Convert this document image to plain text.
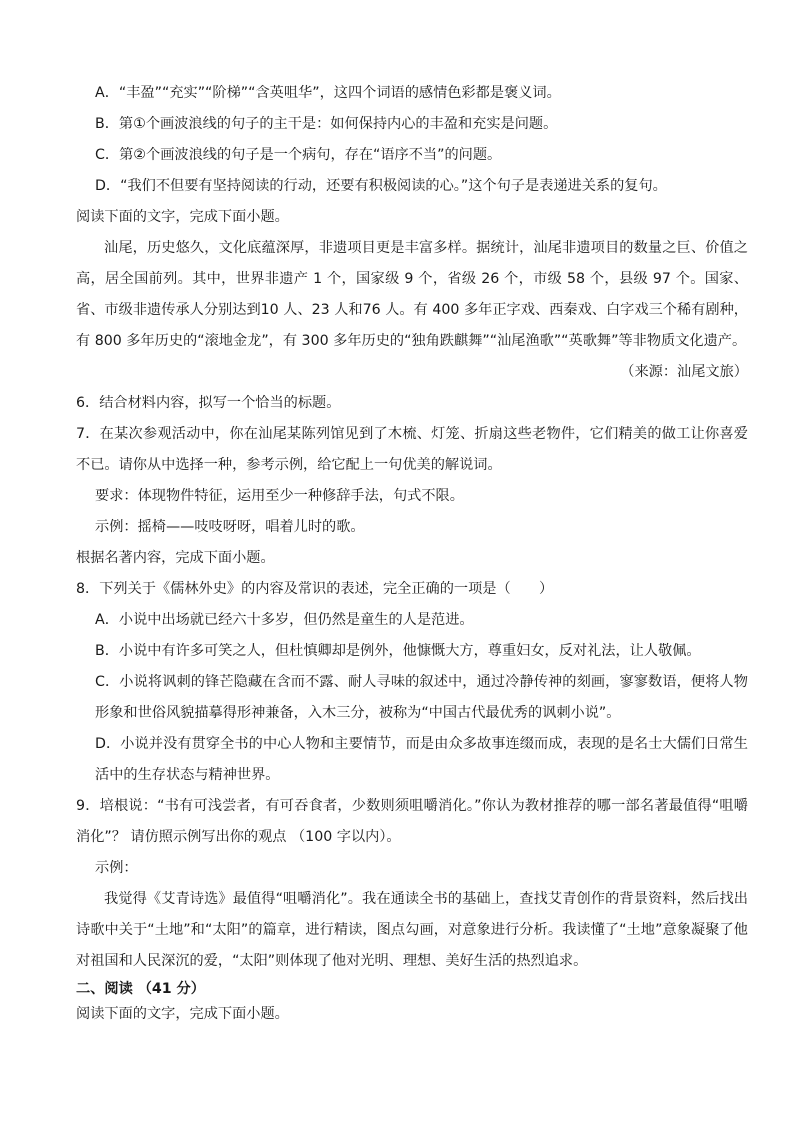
A．“丰盈”“充实”“阶梯”“含英咀华”，这四个词语的感情色彩都是褒义词。
B．第①个画波浪线的句子的主干是：如何保持内心的丰盈和充实是问题。
C．第②个画波浪线的句子是一个病句，存在“语序不当”的问题。
D．“我们不但要有坚持阅读的行动，还要有积极阅读的心。”这个句子是表递进关系的复句。
阅读下面的文字，完成下面小题。
汕尾，历史悠久，文化底蕴深厚，非遗项目更是丰富多样。据统计，汕尾非遗项目的数量之巨、价值之高，居全国前列。其中，世界非遗产 1 个，国家级 9 个，省级 26 个，市级 58 个，县级 97 个。国家、省、市级非遗传承人分别达到10 人、23 人和76 人。有 400 多年正字戏、西秦戏、白字戏三个稀有剧种，有 800 多年历史的“滚地金龙”，有 300 多年历史的“独角跌麒舞”“汕尾渔歌”“英歌舞”等非物质文化遗产。
（来源：汕尾文旅）
6．结合材料内容，拟写一个恰当的标题。
7．在某次参观活动中，你在汕尾某陈列馆见到了木梳、灯笼、折扇这些老物件，它们精美的做工让你喜爱不已。请你从中选择一种，参考示例，给它配上一句优美的解说词。
要求：体现物件特征，运用至少一种修辞手法，句式不限。
示例：摇椅——吱吱呀呀，唱着儿时的歌。
根据名著内容，完成下面小题。
8．下列关于《儒林外史》的内容及常识的表述，完全正确的一项是（　　）
A．小说中出场就已经六十多岁，但仍然是童生的人是范进。
B．小说中有许多可笑之人，但杜慎卿却是例外，他慷慨大方，尊重妇女，反对礼法，让人敬佩。
C．小说将讽刺的锋芒隐藏在含而不露、耐人寻味的叙述中，通过冷静传神的刻画，寥寥数语，便将人物形象和世俗风貌描摹得形神兼备，入木三分，被称为“中国古代最优秀的讽刺小说”。
D．小说并没有贯穿全书的中心人物和主要情节，而是由众多故事连缀而成，表现的是名士大儒们日常生活中的生存状态与精神世界。
9．培根说：“书有可浅尝者，有可吞食者，少数则须咀嚼消化。”你认为教材推荐的哪一部名著最值得“咀嚼消化”？ 请仿照示例写出你的观点 （100 字以内）。
示例：
我觉得《艾青诗选》最值得“咀嚼消化”。我在通读全书的基础上，查找艾青创作的背景资料，然后找出诗歌中关于“土地”和“太阳”的篇章，进行精读，图点勾画，对意象进行分析。我读懂了“土地”意象凝聚了他对祖国和人民深沉的爱，“太阳”则体现了他对光明、理想、美好生活的热烈追求。
二、阅读 （41 分）
阅读下面的文字，完成下面小题。
